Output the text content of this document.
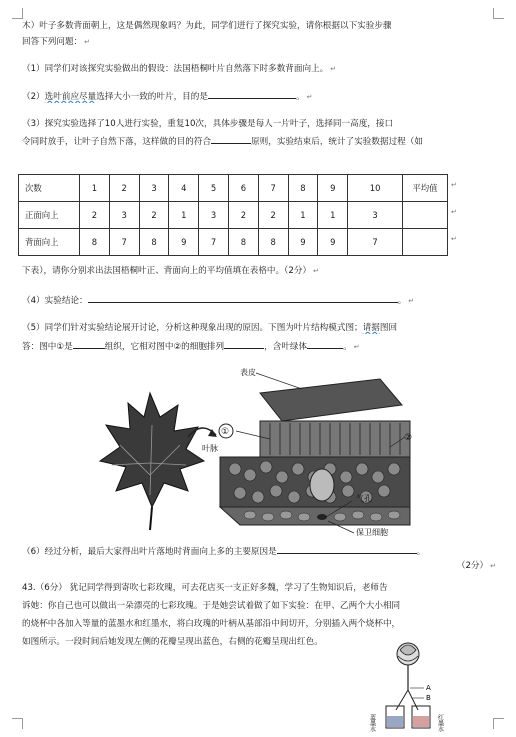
木）叶子多数背面朝上，这是偶然现象吗？为此，同学们进行了探究实验，请你根据以下实验步骤
回答下列问题： ↵
（1）同学们对该探究实验做出的假设：法国梧桐叶片自然落下时多数背面向上。 ↵
（2）选叶前应尽量选择大小一致的叶片，目的是	。 ↵
（3）探究实验选择了10人进行实验，重复10次，具体步骤是每人一片叶子，选择同一高度，接口
令同时放手，让叶子自然下落，这样做的目的符合	原则，实验结束后，统计了实验数据过程（如
次数	1	2	3	4	5	6	7	8	9	10	平均值
正面向上	2	3	2	1	3	2	2	1	1	3	
背面向上	8	7	8	9	7	8	8	9	9	7	
↵
↵
↵
下表），请你分别求出法国梧桐叶正、背面向上的平均值填在表格中。（2分） ↵
（4）实验结论：	。 ↵
（5）同学们针对实验结论展开讨论，分析这种现象出现的原因。下图为叶片结构模式图；请据图回
答：图中①是	组织，它相对图中②的细胞排列	，含叶绿体	。 ↵
表皮
①
叶脉
②
气孔
保卫细胞
（6）经过分析，最后大家得出叶片落地时背面向上多的主要原因是	。
（2分） ↵
43.（6分） 犹记同学得到寄吹七彩玫瑰，可去花店买一支正好多魏，学习了生物知识后，老师告
诉她：你自己也可以做出一朵漂亮的七彩玫瑰。于是她尝试着做了如下实验：在甲、乙两个大小相同
的烧杯中各加入等量的蓝墨水和红墨水，将白玫瑰的叶柄从基部沿中间切开，分别插入两个烧杯中，
如图所示。一段时间后她发现左侧的花瓣呈现出蓝色，右侧的花瓣呈现出红色。
A
B
蓝墨水	红墨水
